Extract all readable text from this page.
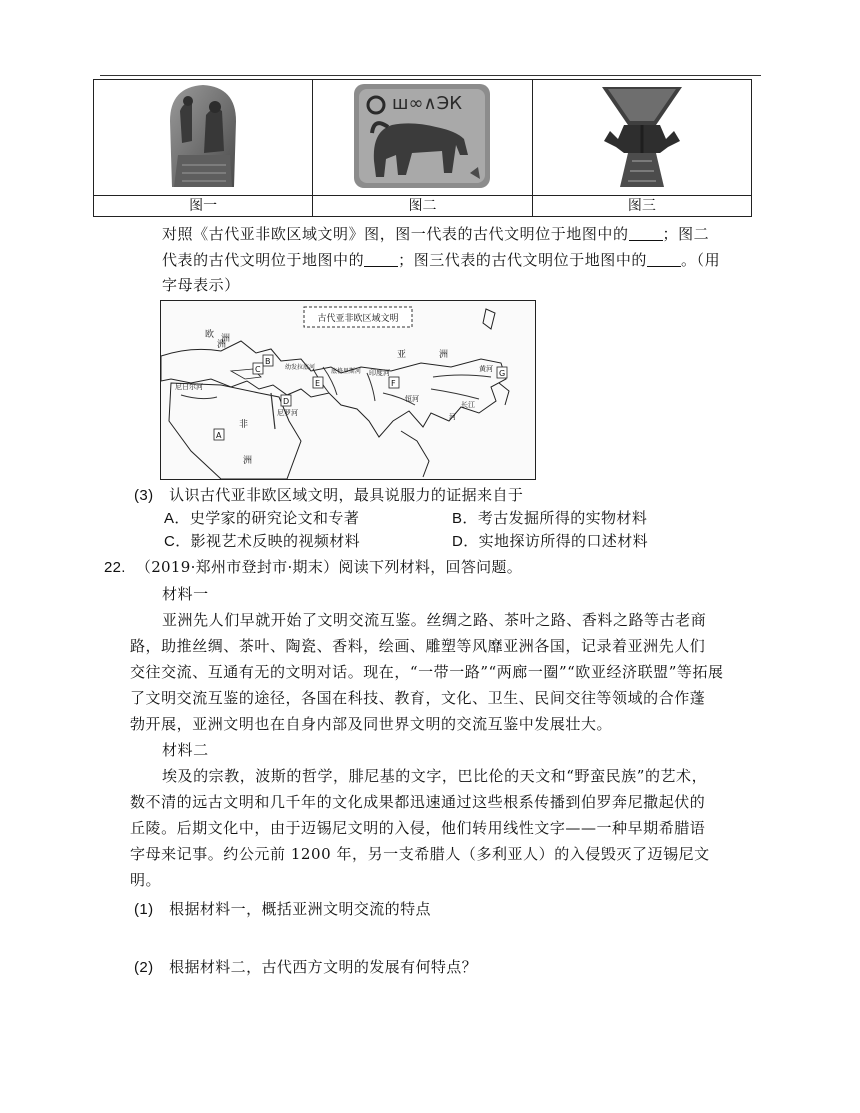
ш∞∧ЭК

图一	图二	图三
对照《古代亚非欧区域文明》图，图一代表的古代文明位于地图中的 ；图二
代表的古代文明位于地图中的 ；图三代表的古代文明位于地图中的 。（用
字母表示）
古代亚非欧区域文明
欧
洲
亚	洲
非
洲
洲
尼日尔河
尼罗河
幼发拉底河
底格里斯河 印度河
恒河
长江
黄河
河
A
B
C
D
E	F
G
(3) 认识古代亚非欧区域文明，最具说服力的证据来自于
A．史学家的研究论文和专著	B．考古发掘所得的实物材料
C．影视艺术反映的视频材料	D．实地探访所得的口述材料
22. （2019·郑州市登封市·期末）阅读下列材料，回答问题。
材料一
亚洲先人们早就开始了文明交流互鉴。丝绸之路、茶叶之路、香料之路等古老商
路，助推丝绸、茶叶、陶瓷、香料，绘画、雕塑等风靡亚洲各国，记录着亚洲先人们
交往交流、互通有无的文明对话。现在，“一带一路”“两廊一圈”“欧亚经济联盟”等拓展
了文明交流互鉴的途径，各国在科技、教育，文化、卫生、民间交往等领域的合作蓬
勃开展，亚洲文明也在自身内部及同世界文明的交流互鉴中发展壮大。
材料二
埃及的宗教，波斯的哲学，腓尼基的文字，巴比伦的天文和“野蛮民族”的艺术，
数不清的远古文明和几千年的文化成果都迅速通过这些根系传播到伯罗奔尼撒起伏的
丘陵。后期文化中，由于迈锡尼文明的入侵，他们转用线性文字——一种早期希腊语
字母来记事。约公元前 1200 年，另一支希腊人（多利亚人）的入侵毁灭了迈锡尼文
明。
(1) 根据材料一，概括亚洲文明交流的特点
(2) 根据材料二，古代西方文明的发展有何特点？
